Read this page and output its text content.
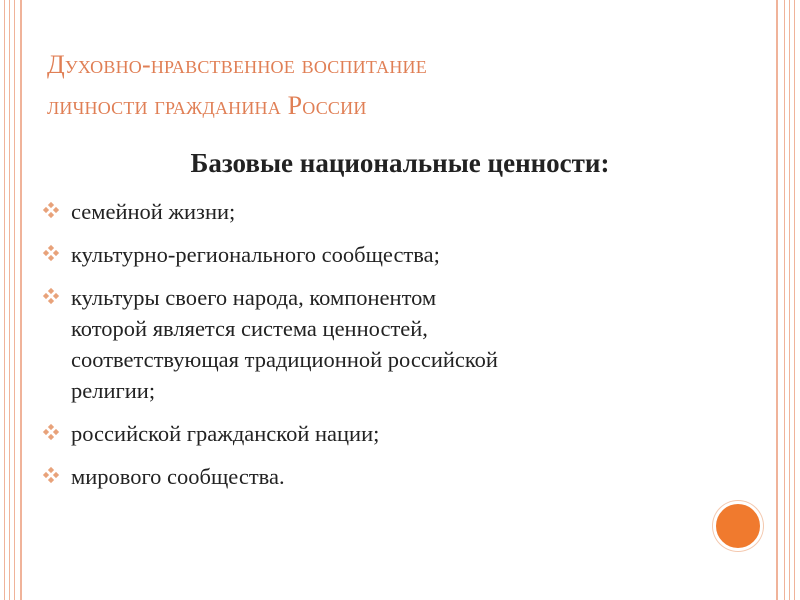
Духовно-нравственное воспитание
личности гражданина России
Базовые национальные ценности:
семейной жизни;
культурно-регионального сообщества;
культуры своего народа, компонентом
которой является система ценностей,
соответствующая традиционной российской
религии;
российской гражданской нации;
мирового сообщества.
